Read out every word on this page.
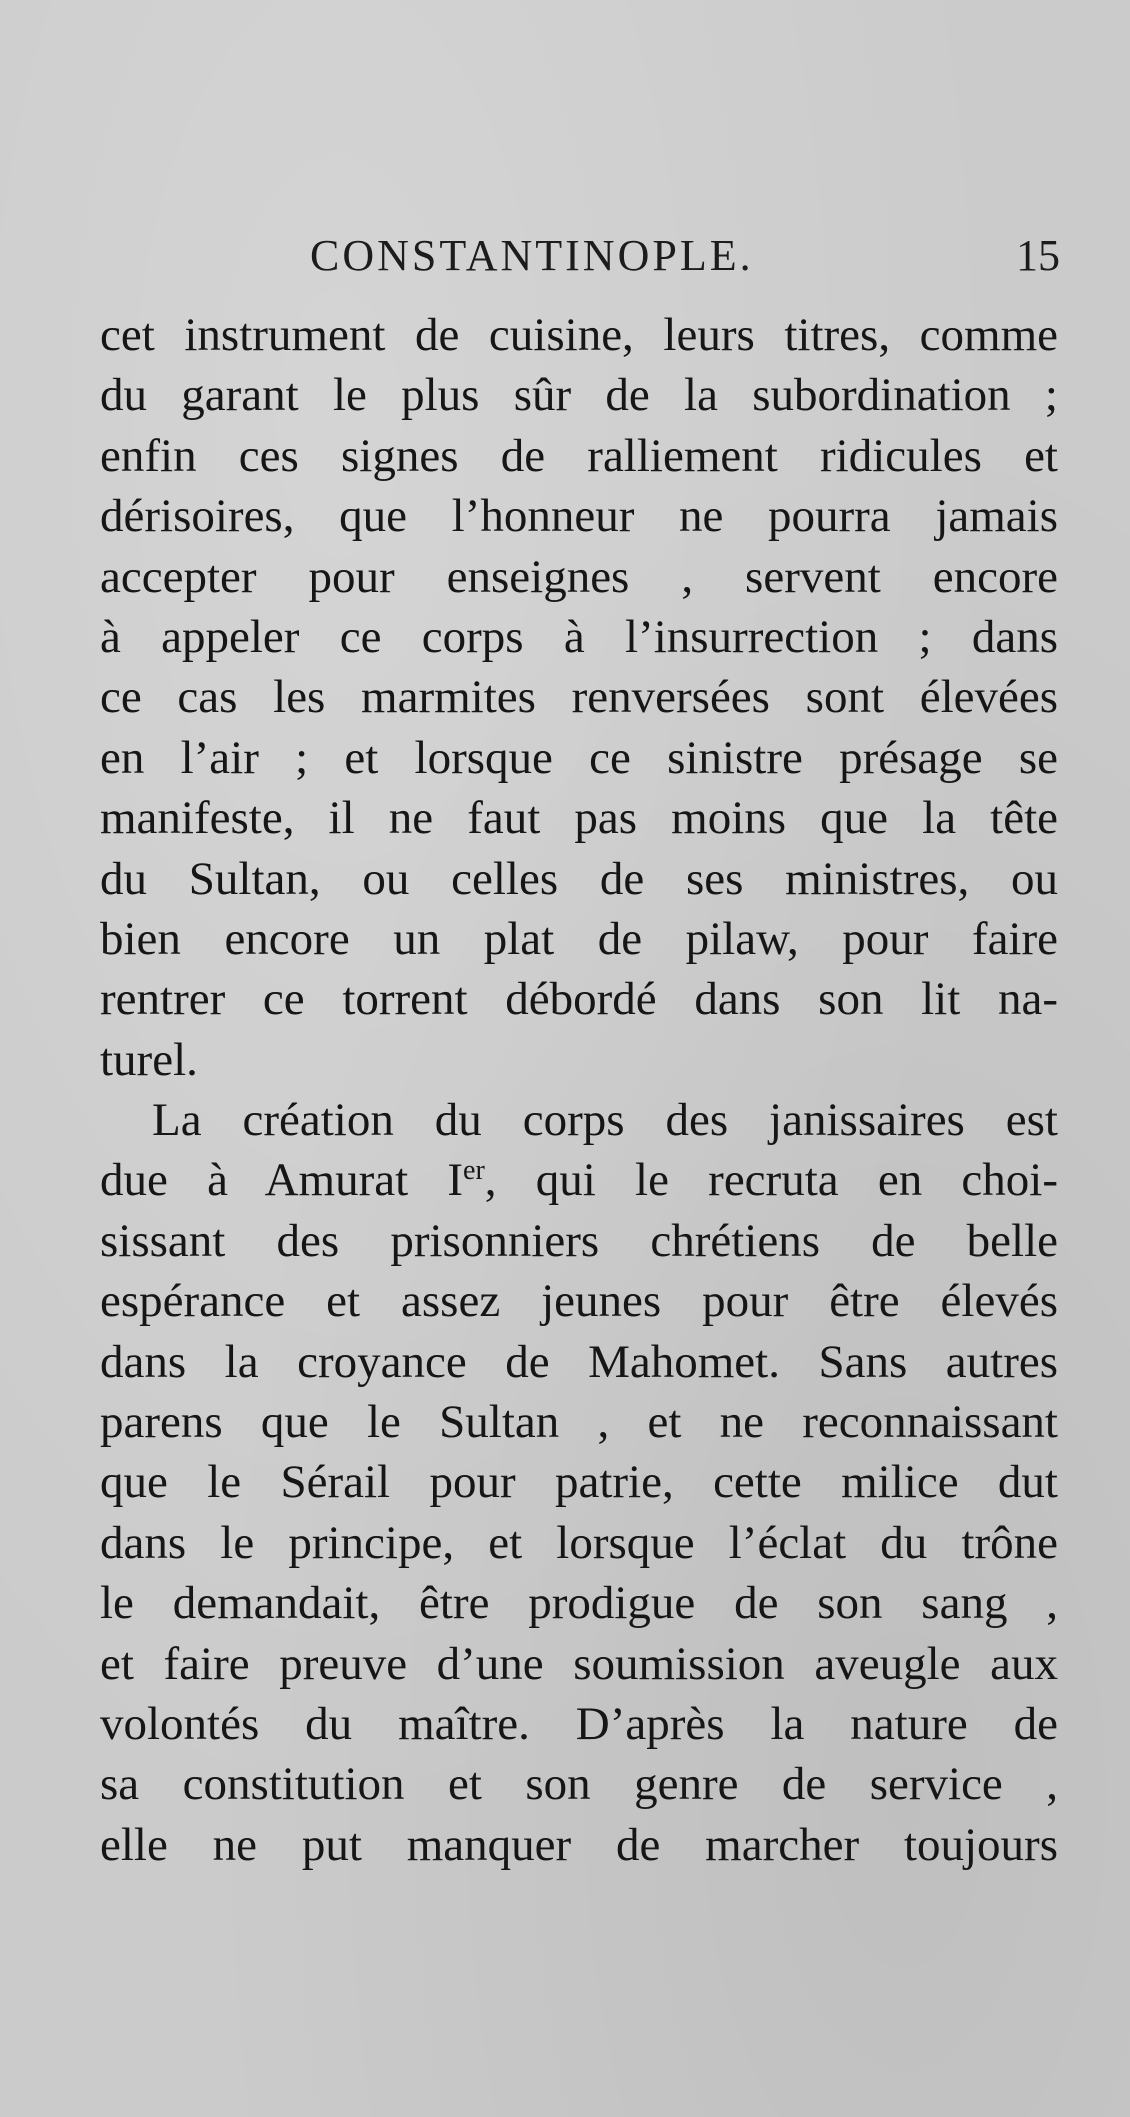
CONSTANTINOPLE.	15
cet instrument de cuisine, leurs titres, comme
du garant le plus sûr de la subordination ;
enfin ces signes de ralliement ridicules et
dérisoires, que l’honneur ne pourra jamais
accepter pour enseignes , servent encore
à appeler ce corps à l’insurrection ; dans
ce cas les marmites renversées sont élevées
en l’air ; et lorsque ce sinistre présage se
manifeste, il ne faut pas moins que la tête
du Sultan, ou celles de ses ministres, ou
bien encore un plat de pilaw, pour faire
rentrer ce torrent débordé dans son lit na-
turel.
La création du corps des janissaires est
due à Amurat Ier, qui le recruta en choi-
sissant des prisonniers chrétiens de belle
espérance et assez jeunes pour être élevés
dans la croyance de Mahomet. Sans autres
parens que le Sultan , et ne reconnaissant
que le Sérail pour patrie, cette milice dut
dans le principe, et lorsque l’éclat du trône
le demandait, être prodigue de son sang ,
et faire preuve d’une soumission aveugle aux
volontés du maître. D’après la nature de
sa constitution et son genre de service ,
elle ne put manquer de marcher toujours
